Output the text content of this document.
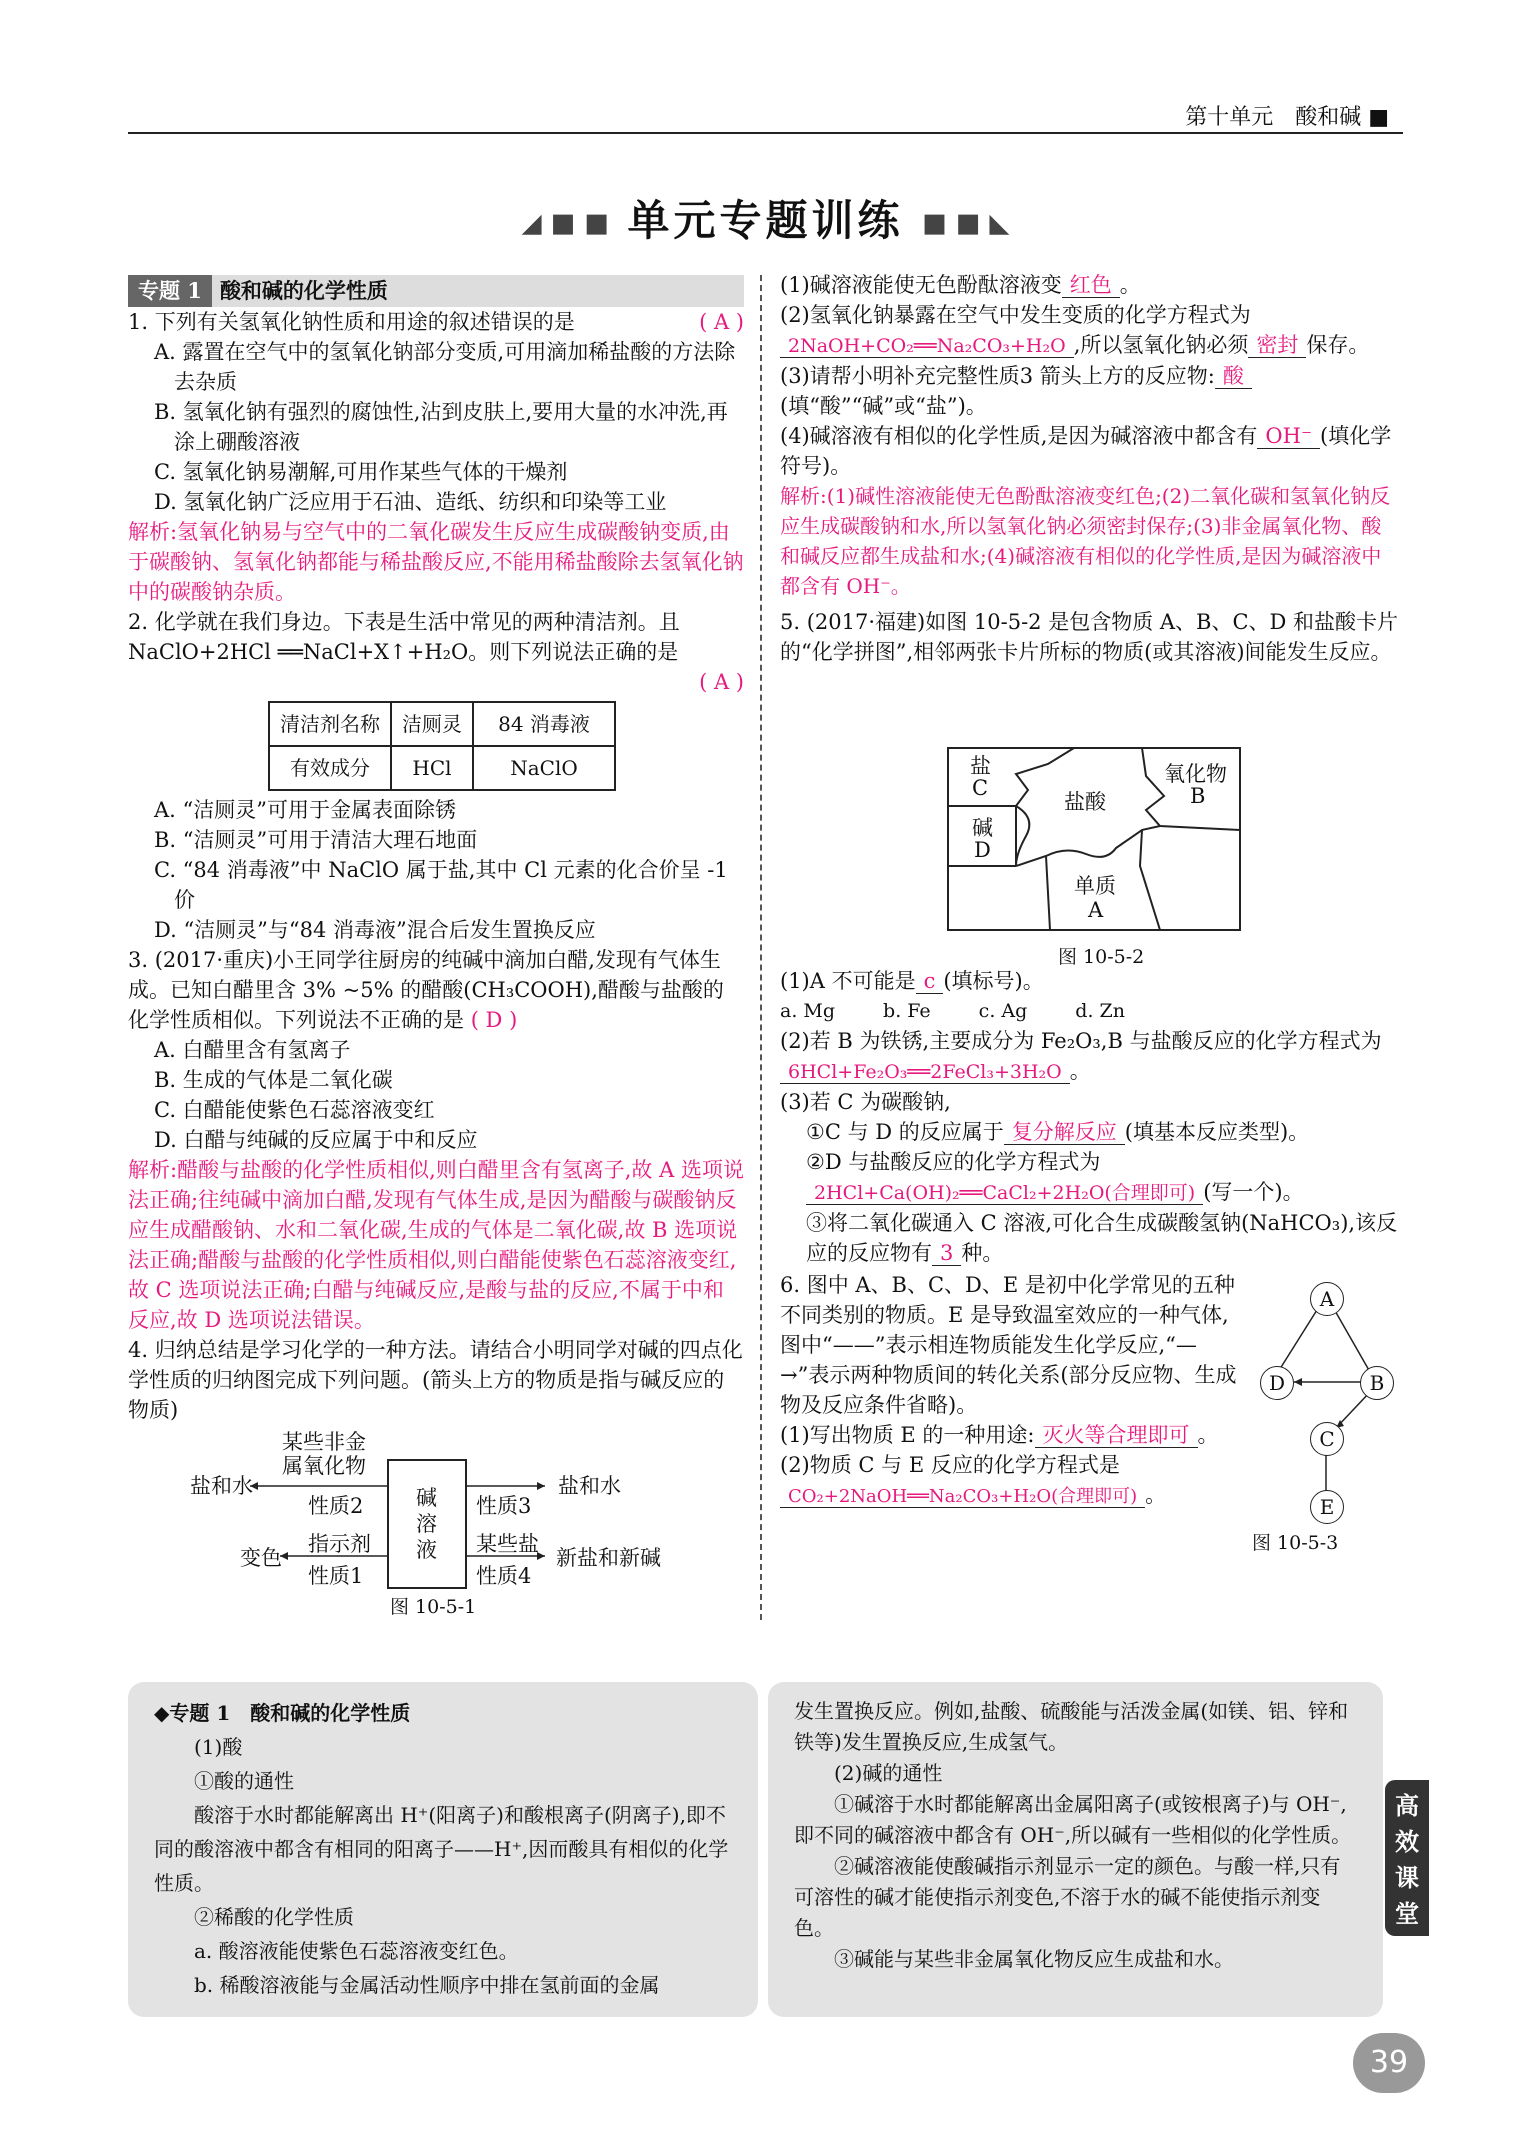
第十单元　酸和碱 ■
◢ ■ ■ 单元专题训练 ■ ■ ◣
专题 1 酸和碱的化学性质

1. 下列有关氢氧化钠性质和用途的叙述错误的是	( A )

A. 露置在空气中的氢氧化钠部分变质,可用滴加稀盐酸的方法除去杂质

B. 氢氧化钠有强烈的腐蚀性,沾到皮肤上,要用大量的水冲洗,再涂上硼酸溶液

C. 氢氧化钠易潮解,可用作某些气体的干燥剂

D. 氢氧化钠广泛应用于石油、造纸、纺织和印染等工业

解析:氢氧化钠易与空气中的二氧化碳发生反应生成碳酸钠变质,由于碳酸钠、氢氧化钠都能与稀盐酸反应,不能用稀盐酸除去氢氧化钠中的碳酸钠杂质。

2. 化学就在我们身边。下表是生活中常见的两种清洁剂。且 NaClO+2HCl ══NaCl+X↑+H₂O。则下列说法正确的是

( A )

清洁剂名称	洁厕灵	84 消毒液
有效成分	HCl	NaClO

A. “洁厕灵”可用于金属表面除锈

B. “洁厕灵”可用于清洁大理石地面

C. “84 消毒液”中 NaClO 属于盐,其中 Cl 元素的化合价呈 -1 价

D. “洁厕灵”与“84 消毒液”混合后发生置换反应

3. (2017·重庆)小王同学往厨房的纯碱中滴加白醋,发现有气体生成。已知白醋里含 3% ~5% 的醋酸(CH₃COOH),醋酸与盐酸的化学性质相似。下列说法不正确的是 ( D )

A. 白醋里含有氢离子

B. 生成的气体是二氧化碳

C. 白醋能使紫色石蕊溶液变红

D. 白醋与纯碱的反应属于中和反应

解析:醋酸与盐酸的化学性质相似,则白醋里含有氢离子,故 A 选项说法正确;往纯碱中滴加白醋,发现有气体生成,是因为醋酸与碳酸钠反应生成醋酸钠、水和二氧化碳,生成的气体是二氧化碳,故 B 选项说法正确;醋酸与盐酸的化学性质相似,则白醋能使紫色石蕊溶液变红,故 C 选项说法正确;白醋与纯碱反应,是酸与盐的反应,不属于中和反应,故 D 选项说法错误。

4. 归纳总结是学习化学的一种方法。请结合小明同学对碱的四点化学性质的归纳图完成下列问题。(箭头上方的物质是指与碱反应的物质)

某些非金
属氧化物
盐和水
性质2	碱
溶
液
性质3
盐和水
指示剂
变色
性质1
某些盐
性质4
新盐和新碱
图 10-5-1

(1)碱溶液能使无色酚酞溶液变 红色 。

(2)氢氧化钠暴露在空气中发生变质的化学方程式为 2NaOH+CO₂══Na₂CO₃+H₂O ,所以氢氧化钠必须 密封 保存。

(3)请帮小明补充完整性质3 箭头上方的反应物: 酸(填“酸”“碱”或“盐”)。

(4)碱溶液有相似的化学性质,是因为碱溶液中都含有 OH⁻ (填化学符号)。

解析:(1)碱性溶液能使无色酚酞溶液变红色;(2)二氧化碳和氢氧化钠反应生成碳酸钠和水,所以氢氧化钠必须密封保存;(3)非金属氧化物、酸和碱反应都生成盐和水;(4)碱溶液有相似的化学性质,是因为碱溶液中都含有 OH⁻。

5. (2017·福建)如图 10-5-2 是包含物质 A、B、C、D 和盐酸卡片的“化学拼图”,相邻两张卡片所标的物质(或其溶液)间能发生反应。

盐
C
碱
D
盐酸
氧化物
B
单质
A
图 10-5-2

(1)A 不可能是 c (填标号)。

a. Mg	b. Fe	c. Ag	d. Zn

(2)若 B 为铁锈,主要成分为 Fe₂O₃,B 与盐酸反应的化学方程式为6HCl+Fe₂O₃══2FeCl₃+3H₂O 。

(3)若 C 为碳酸钠,

①C 与 D 的反应属于 复分解反应 (填基本反应类型)。

②D 与盐酸反应的化学方程式为2HCl+Ca(OH)₂══CaCl₂+2H₂O(合理即可) (写一个)。

③将二氧化碳通入 C 溶液,可化合生成碳酸氢钠(NaHCO₃),该反应的反应物有 3 种。

6. 图中 A、B、C、D、E 是初中化学常见的五种不同类别的物质。E 是导致温室效应的一种气体,图中“——”表示相连物质能发生化学反应,“—→”表示两种物质间的转化关系(部分反应物、生成物及反应条件省略)。

(1)写出物质 E 的一种用途: 灭火等合理即可 。

(2)物质 C 与 E 反应的化学方程式是
CO₂+2NaOH══Na₂CO₃+H₂O(合理即可) 。

A
B
C
D
E
图 10-5-3

◆专题 1　酸和碱的化学性质

(1)酸

①酸的通性

酸溶于水时都能解离出 H⁺(阳离子)和酸根离子(阴离子),即不同的酸溶液中都含有相同的阳离子——H⁺,因而酸具有相似的化学性质。

②稀酸的化学性质

a. 酸溶液能使紫色石蕊溶液变红色。

b. 稀酸溶液能与金属活动性顺序中排在氢前面的金属

发生置换反应。例如,盐酸、硫酸能与活泼金属(如镁、铝、锌和铁等)发生置换反应,生成氢气。

(2)碱的通性

①碱溶于水时都能解离出金属阳离子(或铵根离子)与 OH⁻,即不同的碱溶液中都含有 OH⁻,所以碱有一些相似的化学性质。

②碱溶液能使酸碱指示剂显示一定的颜色。与酸一样,只有可溶性的碱才能使指示剂变色,不溶于水的碱不能使指示剂变色。

③碱能与某些非金属氧化物反应生成盐和水。

高效课堂
39
